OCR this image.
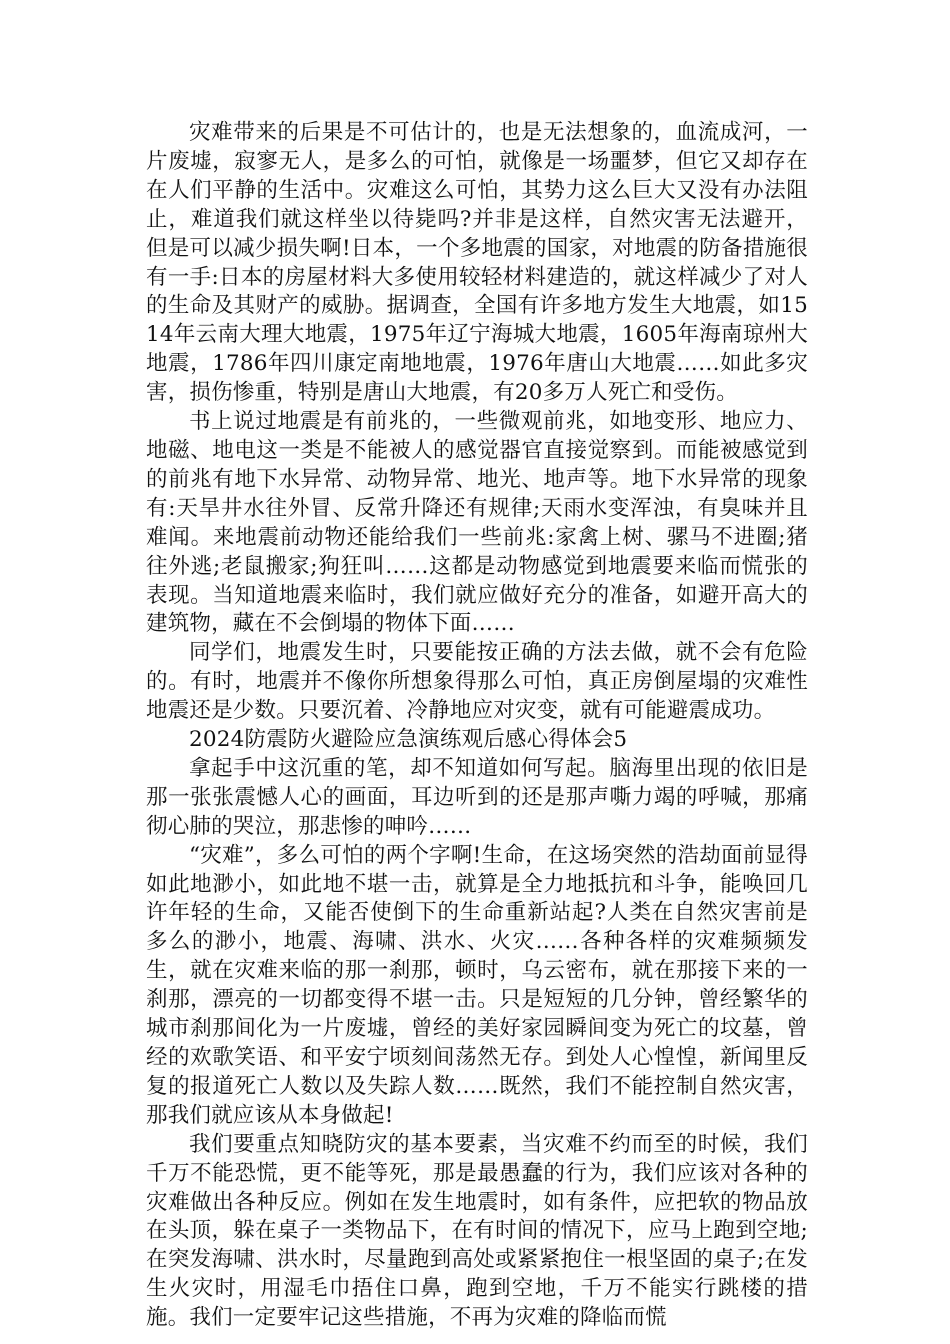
灾难带来的后果是不可估计的，也是无法想象的，血流成河，一片废墟，寂寥无人，是多么的可怕，就像是一场噩梦，但它又却存在在人们平静的生活中。灾难这么可怕，其势力这么巨大又没有办法阻止，难道我们就这样坐以待毙吗?并非是这样，自然灾害无法避开，但是可以减少损失啊!日本，一个多地震的国家，对地震的防备措施很有一手:日本的房屋材料大多使用较轻材料建造的，就这样减少了对人的生命及其财产的威胁。据调查，全国有许多地方发生大地震，如1514年云南大理大地震，1975年辽宁海城大地震，1605年海南琼州大地震，1786年四川康定南地地震，1976年唐山大地震……如此多灾害，损伤惨重，特别是唐山大地震，有20多万人死亡和受伤。

书上说过地震是有前兆的，一些微观前兆，如地变形、地应力、地磁、地电这一类是不能被人的感觉器官直接觉察到。而能被感觉到的前兆有地下水异常、动物异常、地光、地声等。地下水异常的现象有:天旱井水往外冒、反常升降还有规律;天雨水变浑浊，有臭味并且难闻。来地震前动物还能给我们一些前兆:家禽上树、骡马不进圈;猪往外逃;老鼠搬家;狗狂叫……这都是动物感觉到地震要来临而慌张的表现。当知道地震来临时，我们就应做好充分的准备，如避开高大的建筑物，藏在不会倒塌的物体下面……

同学们，地震发生时，只要能按正确的方法去做，就不会有危险的。有时，地震并不像你所想象得那么可怕，真正房倒屋塌的灾难性地震还是少数。只要沉着、冷静地应对灾变，就有可能避震成功。

2024防震防火避险应急演练观后感心得体会5

拿起手中这沉重的笔，却不知道如何写起。脑海里出现的依旧是那一张张震憾人心的画面，耳边听到的还是那声嘶力竭的呼喊，那痛彻心肺的哭泣，那悲惨的呻吟……

“灾难”，多么可怕的两个字啊!生命，在这场突然的浩劫面前显得如此地渺小，如此地不堪一击，就算是全力地抵抗和斗争，能唤回几许年轻的生命，又能否使倒下的生命重新站起?人类在自然灾害前是多么的渺小，地震、海啸、洪水、火灾……各种各样的灾难频频发生，就在灾难来临的那一刹那，顿时，乌云密布，就在那接下来的一刹那，漂亮的一切都变得不堪一击。只是短短的几分钟，曾经繁华的城市刹那间化为一片废墟，曾经的美好家园瞬间变为死亡的坟墓，曾经的欢歌笑语、和平安宁顷刻间荡然无存。到处人心惶惶，新闻里反复的报道死亡人数以及失踪人数……既然，我们不能控制自然灾害，那我们就应该从本身做起!

我们要重点知晓防灾的基本要素，当灾难不约而至的时候，我们千万不能恐慌，更不能等死，那是最愚蠢的行为，我们应该对各种的灾难做出各种反应。例如在发生地震时，如有条件，应把软的物品放在头顶，躲在桌子一类物品下，在有时间的情况下，应马上跑到空地;在突发海啸、洪水时，尽量跑到高处或紧紧抱住一根坚固的桌子;在发生火灾时，用湿毛巾捂住口鼻，跑到空地，千万不能实行跳楼的措施。我们一定要牢记这些措施，不再为灾难的降临而慌
